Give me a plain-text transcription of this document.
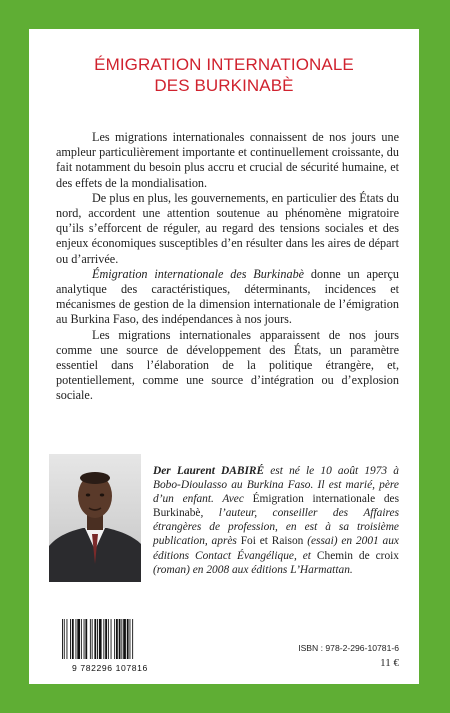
ÉMIGRATION INTERNATIONALE
DES BURKINABÈ

Les migrations internationales connaissent de nos jours une ampleur particulièrement importante et continuellement croissante, du fait notamment du besoin plus accru et crucial de sécurité humaine, et des effets de la mondialisation.

De plus en plus, les gouvernements, en particulier des États du nord, accordent une attention soutenue au phénomène migratoire qu’ils s’efforcent de réguler, au regard des tensions sociales et des enjeux économiques susceptibles d’en résulter dans les aires de départ ou d’arrivée.

Émigration internationale des Burkinabè donne un aperçu analytique des caractéristiques, déterminants, incidences et mécanismes de gestion de la dimension internationale de l’émigration au Burkina Faso, des indépendances à nos jours.

Les migrations internationales apparaissent de nos jours comme une source de développement des États, un paramètre essentiel dans l’élaboration de la politique étrangère, et, potentiellement, comme une source d’intégration ou d’explosion sociale.

Der Laurent DABIRÉ est né le 10 août 1973 à Bobo-Dioulasso au Burkina Faso. Il est marié, père d’un enfant. Avec Émigration internationale des Burkinabè, l’auteur, conseiller des Affaires étrangères de profession, en est à sa troisième publication, après Foi et Raison (essai) en 2001 aux éditions Contact Évangélique, et Chemin de croix (roman) en 2008 aux éditions L’Harmattan.
9 782296 107816
ISBN : 978-2-296-10781-6
11 €
